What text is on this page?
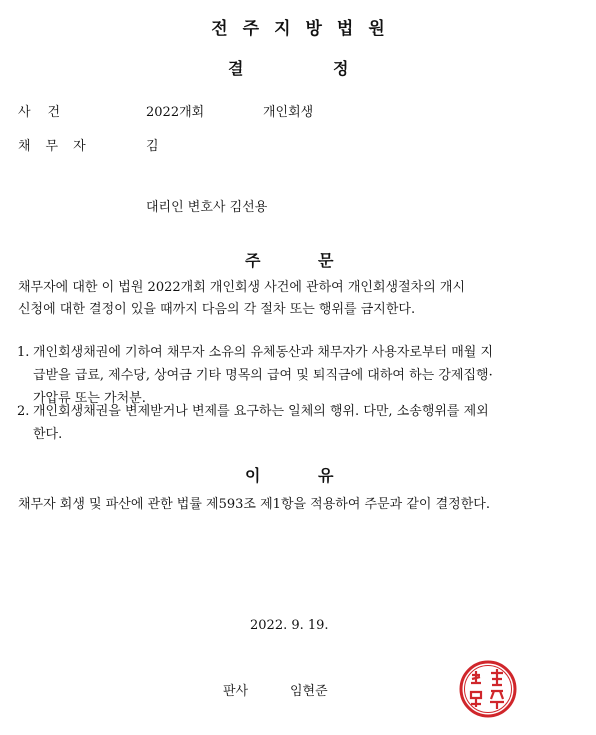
전주지방법원
결	정
사건	2022개회	개인회생
채무자	김
대리인 변호사 김선용
주	문
채무자에 대한 이 법원 2022개회 개인회생 사건에 관하여 개인회생절차의 개시
신청에 대한 결정이 있을 때까지 다음의 각 절차 또는 행위를 금지한다.
1. 개인회생채권에 기하여 채무자 소유의 유체동산과 채무자가 사용자로부터 매월 지
급받을 급료, 제수당, 상여금 기타 명목의 급여 및 퇴직금에 대하여 하는 강제집행·
가압류 또는 가처분.
2. 개인회생채권을 변제받거나 변제를 요구하는 일체의 행위. 다만, 소송행위를 제외
한다.
이	유
채무자 회생 및 파산에 관한 법률 제593조 제1항을 적용하여 주문과 같이 결정한다.
2022. 9. 19.
판사	임현준
